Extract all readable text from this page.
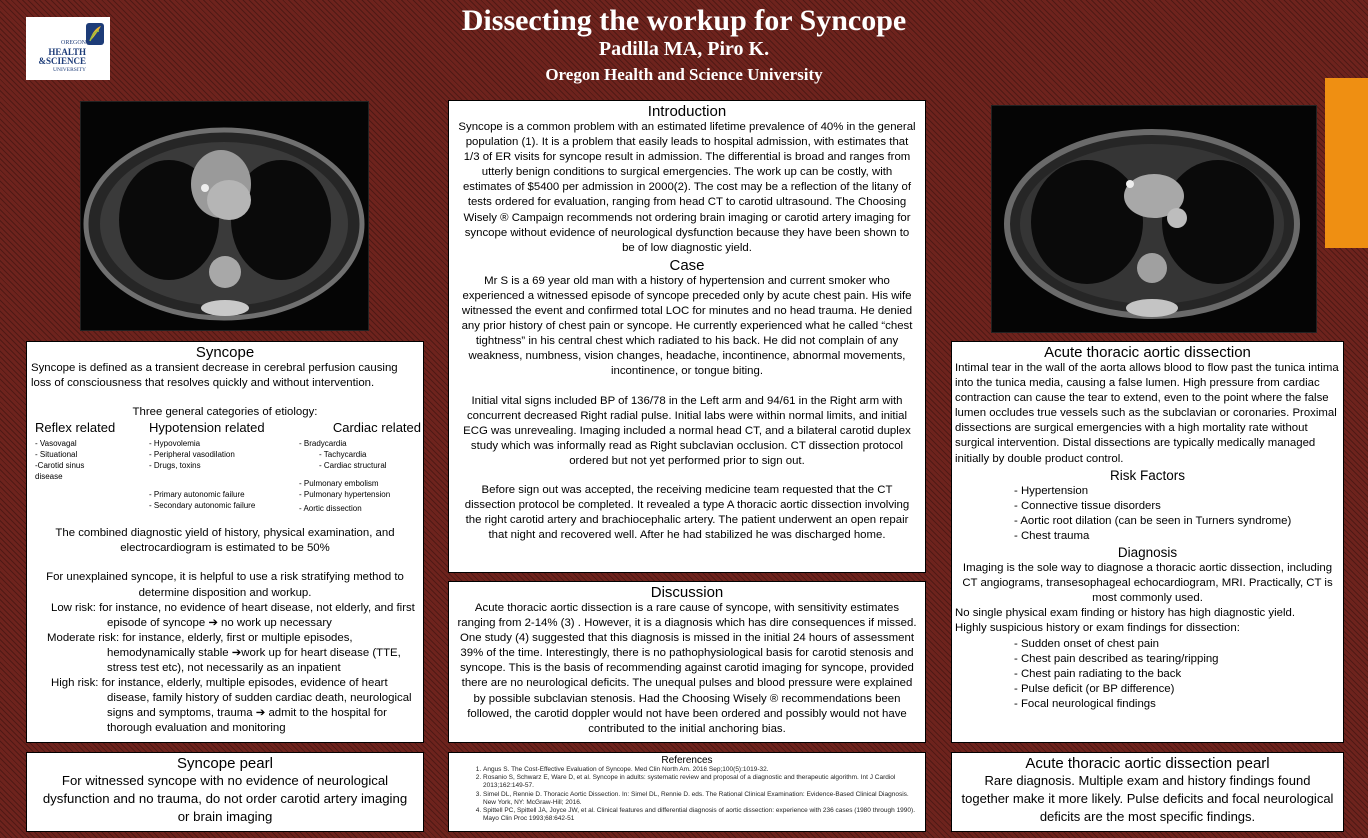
OREGON
HEALTH
&SCIENCE
UNIVERSITY
Dissecting the workup for Syncope
Padilla MA, Piro K.
Oregon Health and Science University
Introduction
Syncope is a common problem with an estimated lifetime prevalence of 40% in the general population (1). It is a problem that easily leads to hospital admission, with estimates that 1/3 of ER visits for syncope result in admission. The differential is broad and ranges from utterly benign conditions to surgical emergencies. The work up can be costly, with estimates of $5400 per admission in 2000(2). The cost may be a reflection of the litany of tests ordered for evaluation, ranging from head CT to carotid ultrasound. The Choosing Wisely ® Campaign recommends not ordering brain imaging or carotid artery imaging for syncope without evidence of neurological dysfunction because they have been shown to be of low diagnostic yield.
Case
Mr S is a 69 year old man with a history of hypertension and current smoker who experienced a witnessed episode of syncope preceded only by acute chest pain. His wife witnessed the event and confirmed total LOC for minutes and no head trauma. He denied any prior history of chest pain or syncope. He currently experienced what he called “chest tightness” in his central chest which radiated to his back. He did not complain of any weakness, numbness, vision changes, headache, incontinence, abnormal movements, incontinence, or tongue biting.
Initial vital signs included BP of 136/78 in the Left arm and 94/61 in the Right arm with concurrent decreased Right radial pulse. Initial labs were within normal limits, and initial ECG was unrevealing. Imaging included a normal head CT, and a bilateral carotid duplex study which was informally read as Right subclavian occlusion. CT dissection protocol ordered but not yet performed prior to sign out.
Before sign out was accepted, the receiving medicine team requested that the CT dissection protocol be completed. It revealed a type A thoracic aortic dissection involving the right carotid artery and brachiocephalic artery. The patient underwent an open repair that night and recovered well. After he had stabilized he was discharged home.
Discussion
Acute thoracic aortic dissection is a rare cause of syncope, with sensitivity estimates ranging from 2-14% (3) . However, it is a diagnosis which has dire consequences if missed. One study (4) suggested that this diagnosis is missed in the initial 24 hours of assessment 39% of the time. Interestingly, there is no pathophysiological basis for carotid stenosis and syncope. This is the basis of recommending against carotid imaging for syncope, provided there are no neurological deficits. The unequal pulses and blood pressure were explained by possible subclavian stenosis. Had the Choosing Wisely ® recommendations been followed, the carotid doppler would not have been ordered and possibly would not have contributed to the initial anchoring bias.
References
1. Angus S. The Cost-Effective Evaluation of Syncope. Med Clin North Am. 2016 Sep;100(5):1019-32.
2. Rosanio S, Schwarz E, Ware D, et al. Syncope in adults: systematic review and proposal of a diagnostic and therapeutic algorithm. Int J Cardiol 2013;162:149-57.
3. Simel DL, Rennie D. Thoracic Aortic Dissection. In: Simel DL, Rennie D. eds. The Rational Clinical Examination: Evidence-Based Clinical Diagnosis. New York, NY: McGraw-Hill; 2016.
4. Spittell PC, Spittell JA, Joyce JW, et al. Clinical features and differential diagnosis of aortic dissection: experience with 236 cases (1980 through 1990). Mayo Clin Proc 1993;68:642-51
Syncope
Syncope is defined as a transient decrease in cerebral perfusion causing loss of consciousness that resolves quickly and without intervention.
Three general categories of etiology:
Reflex related
- Vasovagal
- Situational
-Carotid sinus disease
Hypotension related
- Hypovolemia
- Peripheral vasodilation
- Drugs, toxins
- Primary autonomic failure
- Secondary autonomic failure
Cardiac related
- Bradycardia
- Tachycardia
- Cardiac structural
- Pulmonary embolism
- Pulmonary hypertension
- Aortic dissection
The combined diagnostic yield of history, physical examination, and electrocardiogram is estimated to be 50%
For unexplained syncope, it is helpful to use a risk stratifying method to determine disposition and workup.
Low risk: for instance, no evidence of heart disease, not elderly, and first episode of syncope ➔ no work up necessary
Moderate risk: for instance, elderly, first or multiple episodes, hemodynamically stable ➔work up for heart disease (TTE, stress test etc), not necessarily as an inpatient
High risk: for instance, elderly, multiple episodes, evidence of heart disease, family history of sudden cardiac death, neurological signs and symptoms, trauma ➔ admit to the hospital for thorough evaluation and monitoring
Syncope pearl
For witnessed syncope with no evidence of neurological dysfunction and no trauma, do not order carotid artery imaging or brain imaging
Acute thoracic aortic dissection
Intimal tear in the wall of the aorta allows blood to flow past the tunica intima into the tunica media, causing a false lumen. High pressure from cardiac contraction can cause the tear to extend, even to the point where the false lumen occludes true vessels such as the subclavian or coronaries. Proximal dissections are surgical emergencies with a high mortality rate without surgical intervention. Distal dissections are typically medically managed initially by double product control.
Risk Factors
- Hypertension
- Connective tissue disorders
- Aortic root dilation (can be seen in Turners syndrome)
- Chest trauma
Diagnosis
Imaging is the sole way to diagnose a thoracic aortic dissection, including CT angiograms, transesophageal echocardiogram, MRI. Practically, CT is most commonly used.
No single physical exam finding or history has high diagnostic yield.
Highly suspicious history or exam findings for dissection:
- Sudden onset of chest pain
- Chest pain described as tearing/ripping
- Chest pain radiating to the back
- Pulse deficit (or BP difference)
- Focal neurological findings
Acute thoracic aortic dissection pearl
Rare diagnosis. Multiple exam and history findings found together make it more likely. Pulse deficits and focal neurological deficits are the most specific findings.
